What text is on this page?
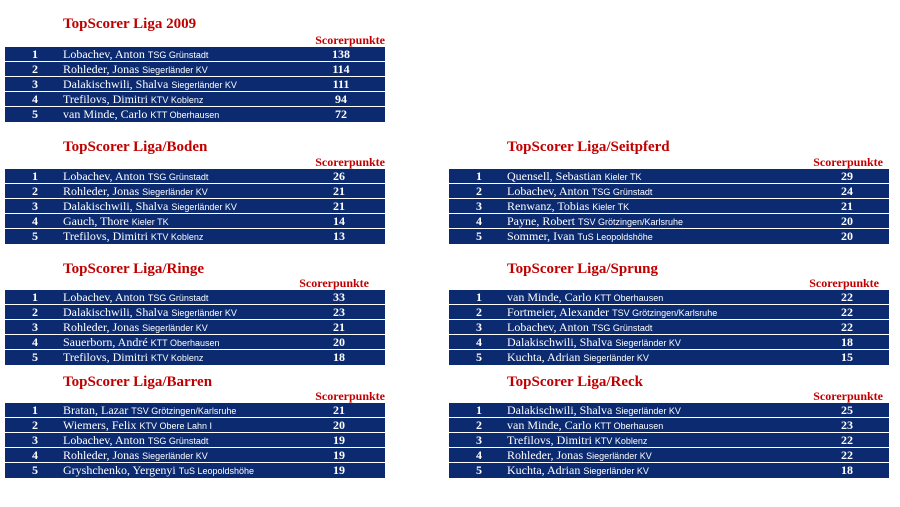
TopScorer Liga 2009
Scorerpunkte
1	Lobachev, Anton TSG Grünstadt	138
2	Rohleder, Jonas Siegerländer KV	114
3	Dalakischwili, Shalva Siegerländer KV	111
4	Trefilovs, Dimitri KTV Koblenz	94
5	van Minde, Carlo KTT Oberhausen	72
TopScorer Liga/Boden
Scorerpunkte
1	Lobachev, Anton TSG Grünstadt	26
2	Rohleder, Jonas Siegerländer KV	21
3	Dalakischwili, Shalva Siegerländer KV	21
4	Gauch, Thore Kieler TK	14
5	Trefilovs, Dimitri KTV Koblenz	13
TopScorer Liga/Seitpferd
Scorerpunkte
1	Quensell, Sebastian Kieler TK	29
2	Lobachev, Anton TSG Grünstadt	24
3	Renwanz, Tobias Kieler TK	21
4	Payne, Robert TSV Grötzingen/Karlsruhe	20
5	Sommer, Ivan TuS Leopoldshöhe	20
TopScorer Liga/Ringe
Scorerpunkte
1	Lobachev, Anton TSG Grünstadt	33
2	Dalakischwili, Shalva Siegerländer KV	23
3	Rohleder, Jonas Siegerländer KV	21
4	Sauerborn, André KTT Oberhausen	20
5	Trefilovs, Dimitri KTV Koblenz	18
TopScorer Liga/Sprung
Scorerpunkte
1	van Minde, Carlo KTT Oberhausen	22
2	Fortmeier, Alexander TSV Grötzingen/Karlsruhe	22
3	Lobachev, Anton TSG Grünstadt	22
4	Dalakischwili, Shalva Siegerländer KV	18
5	Kuchta, Adrian Siegerländer KV	15
TopScorer Liga/Barren
Scorerpunkte
1	Bratan, Lazar TSV Grötzingen/Karlsruhe	21
2	Wiemers, Felix KTV Obere Lahn I	20
3	Lobachev, Anton TSG Grünstadt	19
4	Rohleder, Jonas Siegerländer KV	19
5	Gryshchenko, Yergenyi TuS Leopoldshöhe	19
TopScorer Liga/Reck
Scorerpunkte
1	Dalakischwili, Shalva Siegerländer KV	25
2	van Minde, Carlo KTT Oberhausen	23
3	Trefilovs, Dimitri KTV Koblenz	22
4	Rohleder, Jonas Siegerländer KV	22
5	Kuchta, Adrian Siegerländer KV	18
